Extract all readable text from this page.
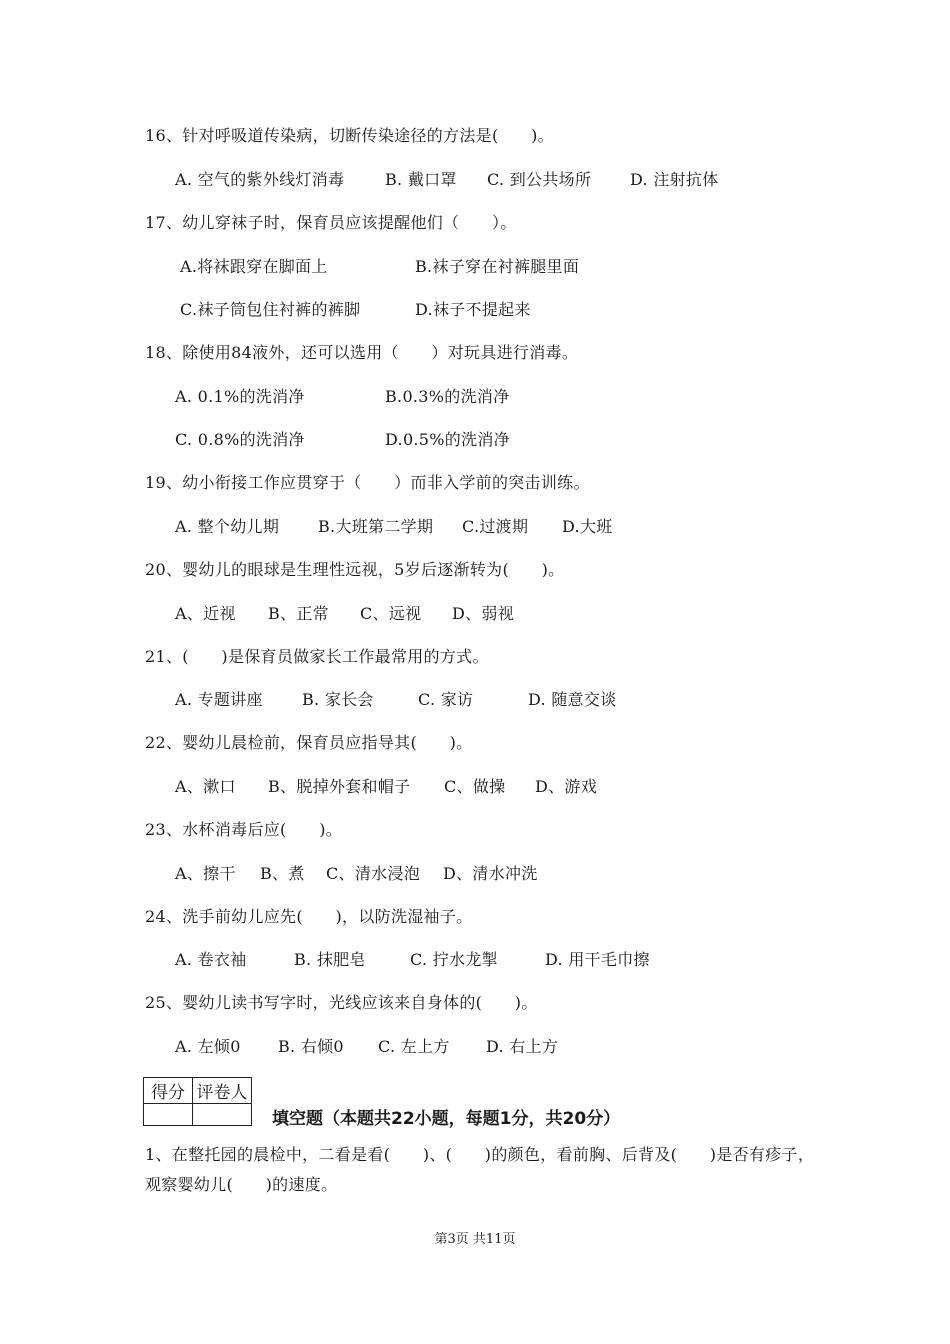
16、针对呼吸道传染病，切断传染途径的方法是(　　)。
A. 空气的紫外线灯消毒	B. 戴口罩 C. 到公共场所 D. 注射抗体
17、幼儿穿袜子时，保育员应该提醒他们（　　）。
A.将袜跟穿在脚面上	B.袜子穿在衬裤腿里面
C.袜子筒包住衬裤的裤脚	D.袜子不提起来
18、除使用84液外，还可以选用（　　）对玩具进行消毒。
A. 0.1%的洗消净	B.0.3%的洗消净
C. 0.8%的洗消净	D.0.5%的洗消净
19、幼小衔接工作应贯穿于（　　）而非入学前的突击训练。
A. 整个幼儿期 B.大班第二学期 C.过渡期 D.大班
20、婴幼儿的眼球是生理性远视，5岁后逐渐转为(　　)。
A、近视 B、正常 C、远视 D、弱视
21、(　　)是保育员做家长工作最常用的方式。
A. 专题讲座 B. 家长会	C. 家访	D. 随意交谈
22、婴幼儿晨检前，保育员应指导其(　　)。
A、漱口 B、脱掉外套和帽子 C、做操 D、游戏
23、水杯消毒后应(　　)。
A、擦干 B、煮 C、清水浸泡 D、清水冲洗
24、洗手前幼儿应先(　　)，以防洗湿袖子。
A. 卷衣袖	B. 抹肥皂	C. 拧水龙掣	D. 用干毛巾擦
25、婴幼儿读书写字时，光线应该来自身体的(　　)。
A. 左倾0 B. 右倾0 C. 左上方 D. 右上方
得分	评卷人

填空题（本题共22小题，每题1分，共20分）
1、在整托园的晨检中，二看是看(　　)、(　　)的颜色，看前胸、后背及(　　)是否有疹子，观察婴幼儿(　　)的速度。
第3页 共11页
